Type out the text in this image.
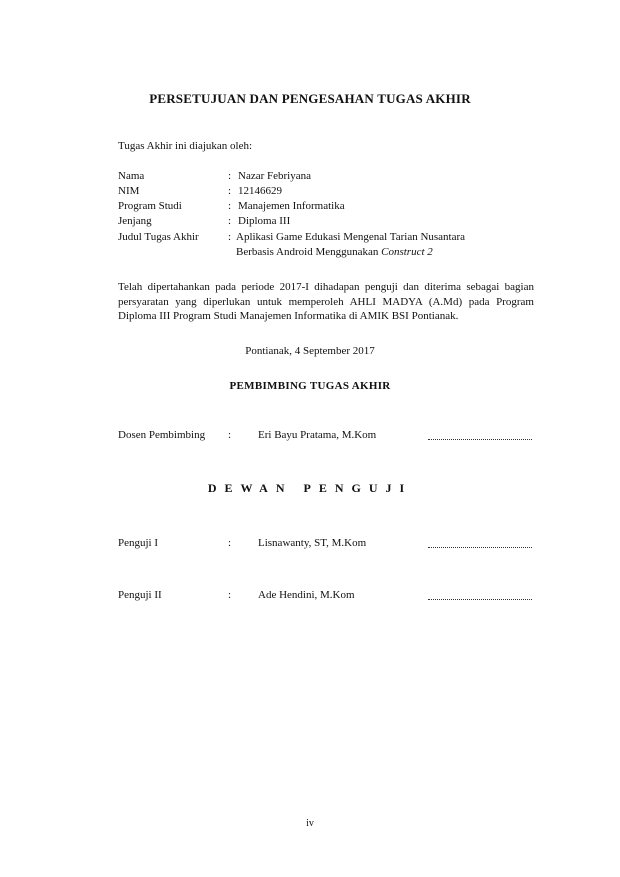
PERSETUJUAN DAN PENGESAHAN TUGAS AKHIR
Tugas Akhir ini diajukan oleh:
Nama	: Nazar Febriyana
NIM	: 12146629
Program Studi	: Manajemen Informatika
Jenjang	: Diploma III
Judul Tugas Akhir	: Aplikasi Game Edukasi Mengenal Tarian Nusantara
Berbasis Android Menggunakan Construct 2
Telah dipertahankan pada periode 2017-I dihadapan penguji dan diterima sebagai bagian persyaratan yang diperlukan untuk memperoleh AHLI MADYA (A.Md) pada Program Diploma III Program Studi Manajemen Informatika di AMIK BSI Pontianak.
Pontianak, 4 September 2017
PEMBIMBING TUGAS AKHIR
Dosen Pembimbing : Eri Bayu Pratama, M.Kom
DEWAN PENGUJI
Penguji I	: Lisnawanty, ST, M.Kom
Penguji II	: Ade Hendini, M.Kom
iv
